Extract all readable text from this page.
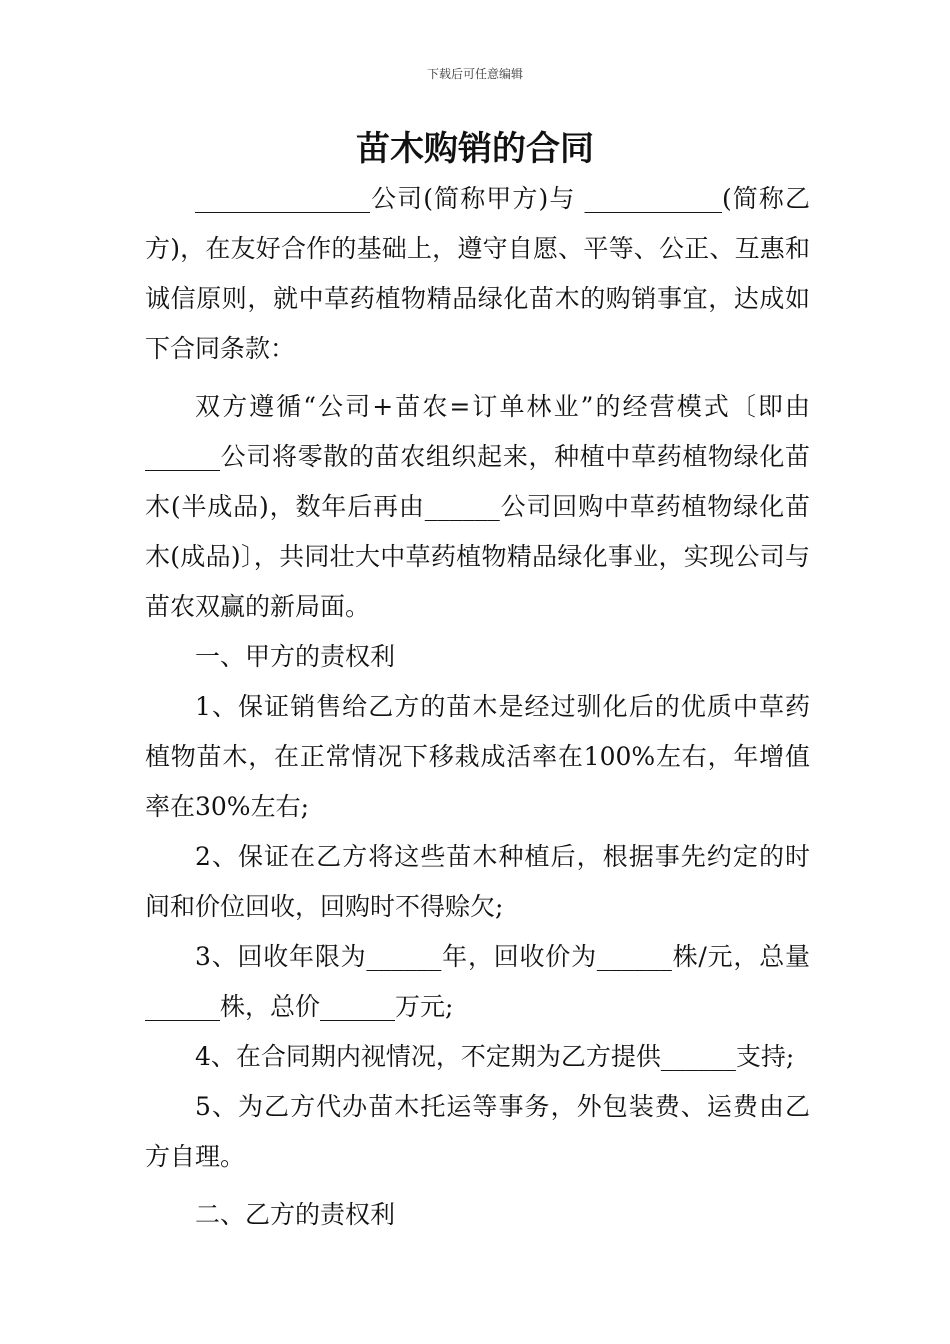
下载后可任意编辑
苗木购销的合同

______________公司(简称甲方)与 ___________(简称乙方)，在友好合作的基础上，遵守自愿、平等、公正、互惠和诚信原则，就中草药植物精品绿化苗木的购销事宜，达成如下合同条款：

双方遵循“公司+苗农=订单林业”的经营模式〔即由______公司将零散的苗农组织起来，种植中草药植物绿化苗木(半成品)，数年后再由______公司回购中草药植物绿化苗木(成品)〕，共同壮大中草药植物精品绿化事业，实现公司与苗农双赢的新局面。

一、甲方的责权利

1、保证销售给乙方的苗木是经过驯化后的优质中草药植物苗木，在正常情况下移栽成活率在100%左右，年增值率在30%左右;

2、保证在乙方将这些苗木种植后，根据事先约定的时间和价位回收，回购时不得赊欠;

3、回收年限为______年，回收价为______株/元，总量______株，总价______万元;

4、在合同期内视情况，不定期为乙方提供______支持;

5、为乙方代办苗木托运等事务，外包装费、运费由乙方自理。

二、乙方的责权利
